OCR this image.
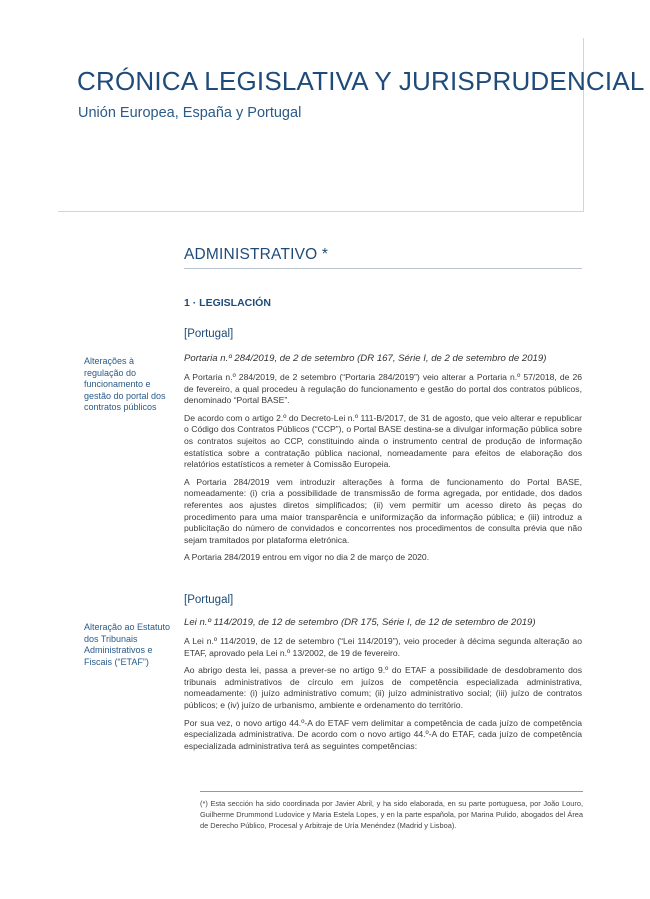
CRÓNICA LEGISLATIVA Y JURISPRUDENCIAL
Unión Europea, España y Portugal
ADMINISTRATIVO *
1 · LEGISLACIÓN
[Portugal]
Alterações à regulação do funcionamento e gestão do portal dos contratos públicos
Portaria n.º 284/2019, de 2 de setembro (DR 167, Série I, de 2 de setembro de 2019)

A Portaria n.º 284/2019, de 2 setembro (“Portaria 284/2019”) veio alterar a Portaria n.º 57/2018, de 26 de fevereiro, a qual procedeu à regulação do funcionamento e gestão do portal dos contratos públicos, denominado “Portal BASE”.

De acordo com o artigo 2.º do Decreto-Lei n.º 111-B/2017, de 31 de agosto, que veio alterar e republicar o Código dos Contratos Públicos (“CCP”), o Portal BASE destina-se a divulgar informação pública sobre os contratos sujeitos ao CCP, constituindo ainda o instrumento central de produção de informação estatística sobre a contratação pública nacional, nomeadamente para efeitos de elaboração dos relatórios estatísticos a remeter à Comissão Europeia.

A Portaria 284/2019 vem introduzir alterações à forma de funcionamento do Portal BASE, nomeadamente: (i) cria a possibilidade de transmissão de forma agregada, por entidade, dos dados referentes aos ajustes diretos simplificados; (ii) vem permitir um acesso direto às peças do procedimento para uma maior transparência e uniformização da informação pública; e (iii) introduz a publicitação do número de convidados e concorrentes nos procedimentos de consulta prévia que não sejam tramitados por plataforma eletrónica.

A Portaria 284/2019 entrou em vigor no dia 2 de março de 2020.

[Portugal]
Alteração ao Estatuto dos Tribunais Administrativos e Fiscais (“ETAF”)
Lei n.º 114/2019, de 12 de setembro (DR 175, Série I, de 12 de setembro de 2019)

A Lei n.º 114/2019, de 12 de setembro (“Lei 114/2019”), veio proceder à décima segunda alteração ao ETAF, aprovado pela Lei n.º 13/2002, de 19 de fevereiro.

Ao abrigo desta lei, passa a prever-se no artigo 9.º do ETAF a possibilidade de desdobramento dos tribunais administrativos de círculo em juízos de competência especializada administrativa, nomeadamente: (i) juízo administrativo comum; (ii) juízo administrativo social; (iii) juízo de contratos públicos; e (iv) juízo de urbanismo, ambiente e ordenamento do território.

Por sua vez, o novo artigo 44.º-A do ETAF vem delimitar a competência de cada juízo de competência especializada administrativa. De acordo com o novo artigo 44.º-A do ETAF, cada juízo de competência especializada administrativa terá as seguintes competências:

(*) Esta sección ha sido coordinada por Javier Abril, y ha sido elaborada, en su parte portuguesa, por João Louro, Guilherme Drummond Ludovice y Maria Estela Lopes, y en la parte española, por Marina Pulido, abogados del Área de Derecho Público, Procesal y Arbitraje de Uría Menéndez (Madrid y Lisboa).
